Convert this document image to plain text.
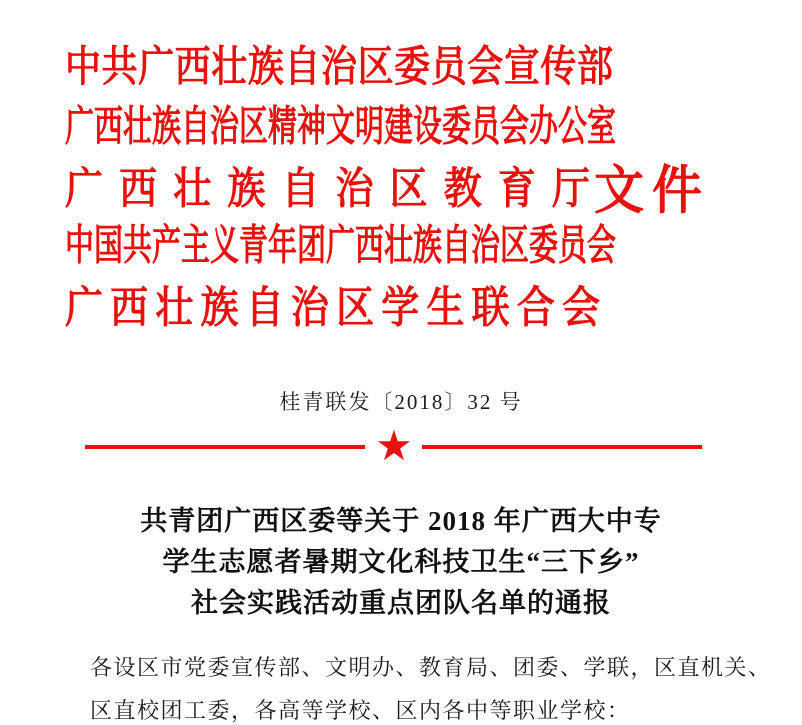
中共广西壮族自治区委员会宣传部
广西壮族自治区精神文明建设委员会办公室
广西壮族自治区教育厅
中国共产主义青年团广西壮族自治区委员会
广西壮族自治区学生联合会
文件
桂青联发〔2018〕32 号
★
共青团广西区委等关于 2018 年广西大中专
学生志愿者暑期文化科技卫生“三下乡”
社会实践活动重点团队名单的通报
各设区市党委宣传部、文明办、教育局、团委、学联，区直机关、
区直校团工委，各高等学校、区内各中等职业学校：
